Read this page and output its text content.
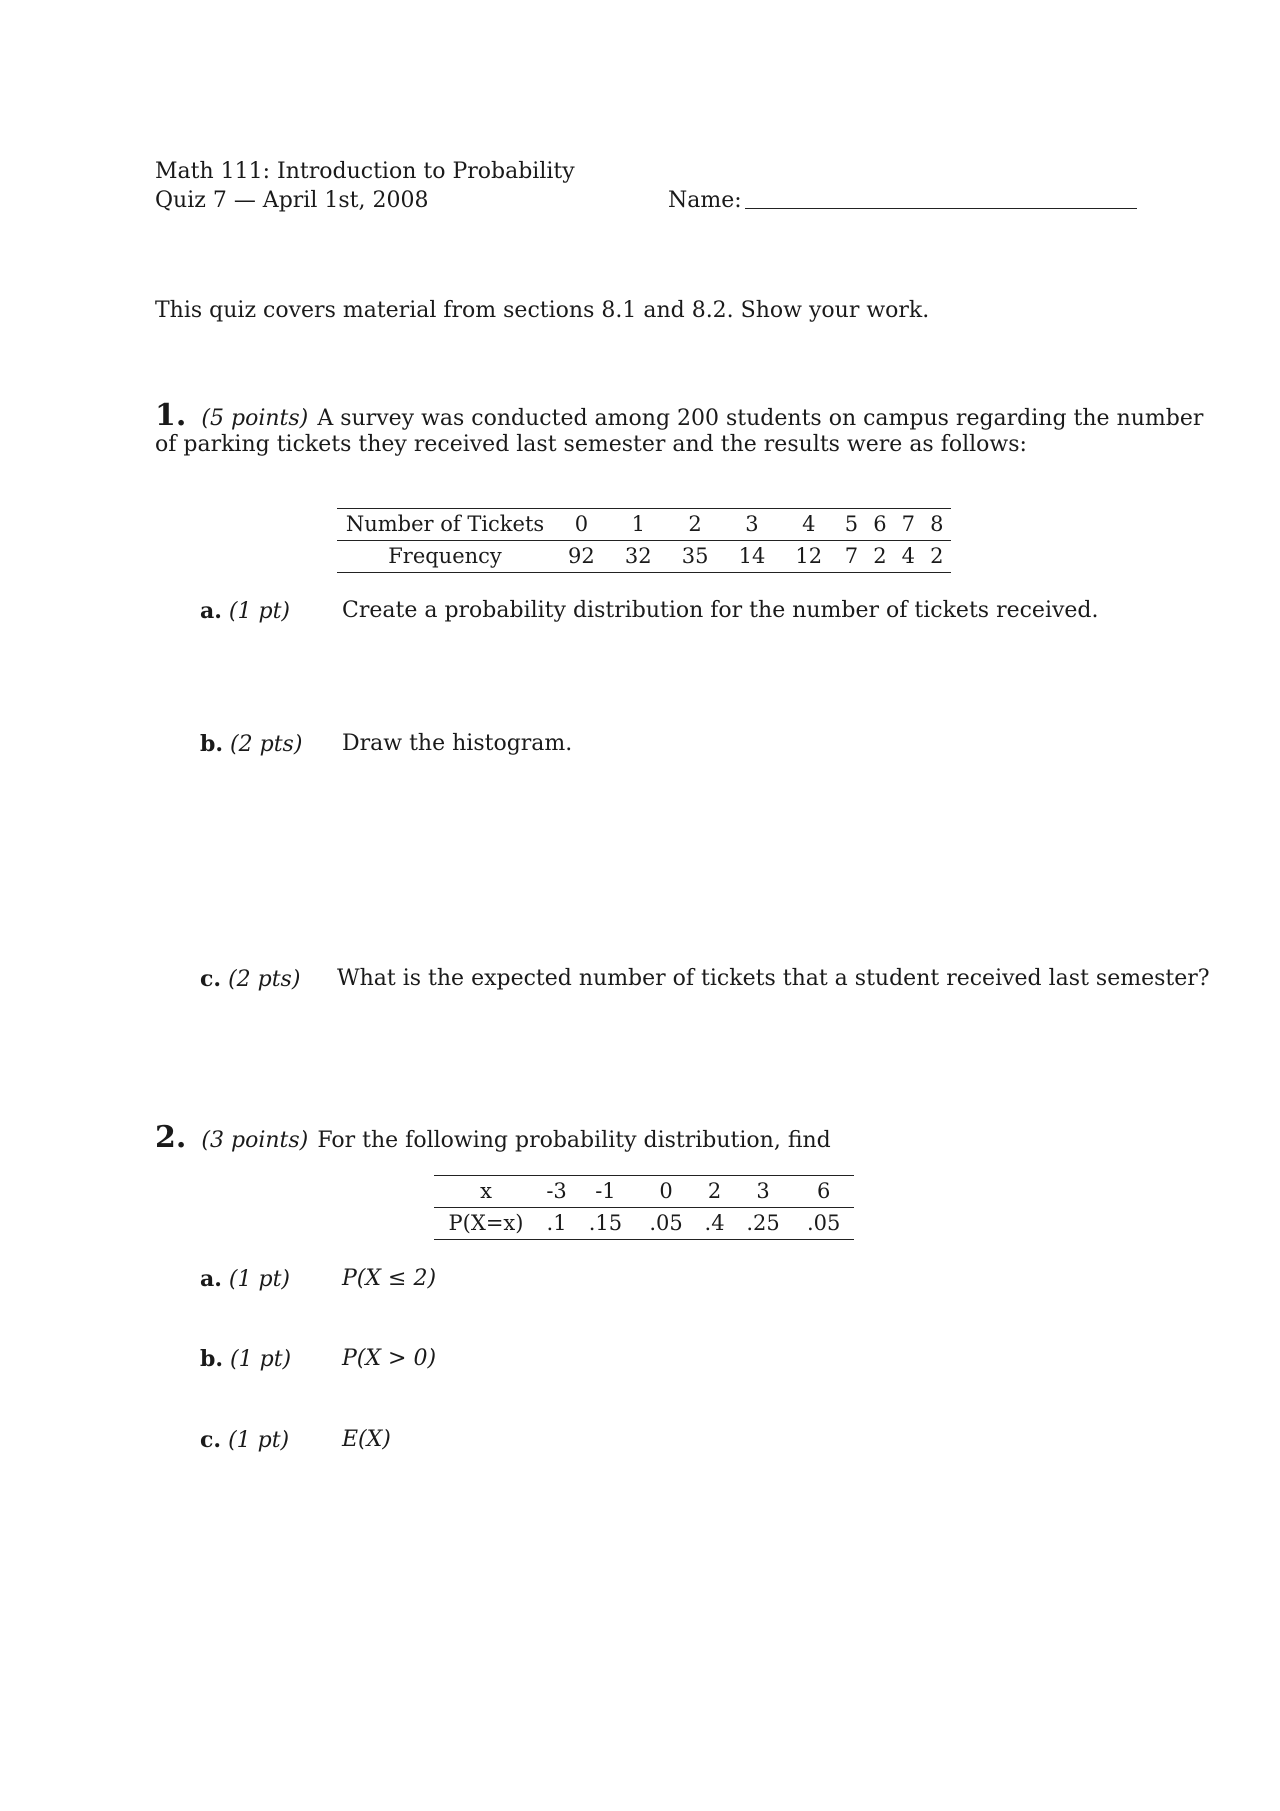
Math 111: Introduction to Probability
Quiz 7 — April 1st, 2008	Name:
This quiz covers material from sections 8.1 and 8.2. Show your work.
1. (5 points) A survey was conducted among 200 students on campus regarding the number
of parking tickets they received last semester and the results were as follows:
Number of Tickets	0	1	2	3	4	5	6	7	8
Frequency	92	32	35	14	12	7	2	4	2
a. (1 pt) Create a probability distribution for the number of tickets received.
b. (2 pts) Draw the histogram.
c. (2 pts) What is the expected number of tickets that a student received last semester?
2. (3 points) For the following probability distribution, find
x	-3	-1	0	2	3	6
P(X=x)	.1	.15	.05	.4	.25	.05
a. (1 pt) P(X ≤ 2)
b. (1 pt) P(X > 0)
c. (1 pt) E(X)
